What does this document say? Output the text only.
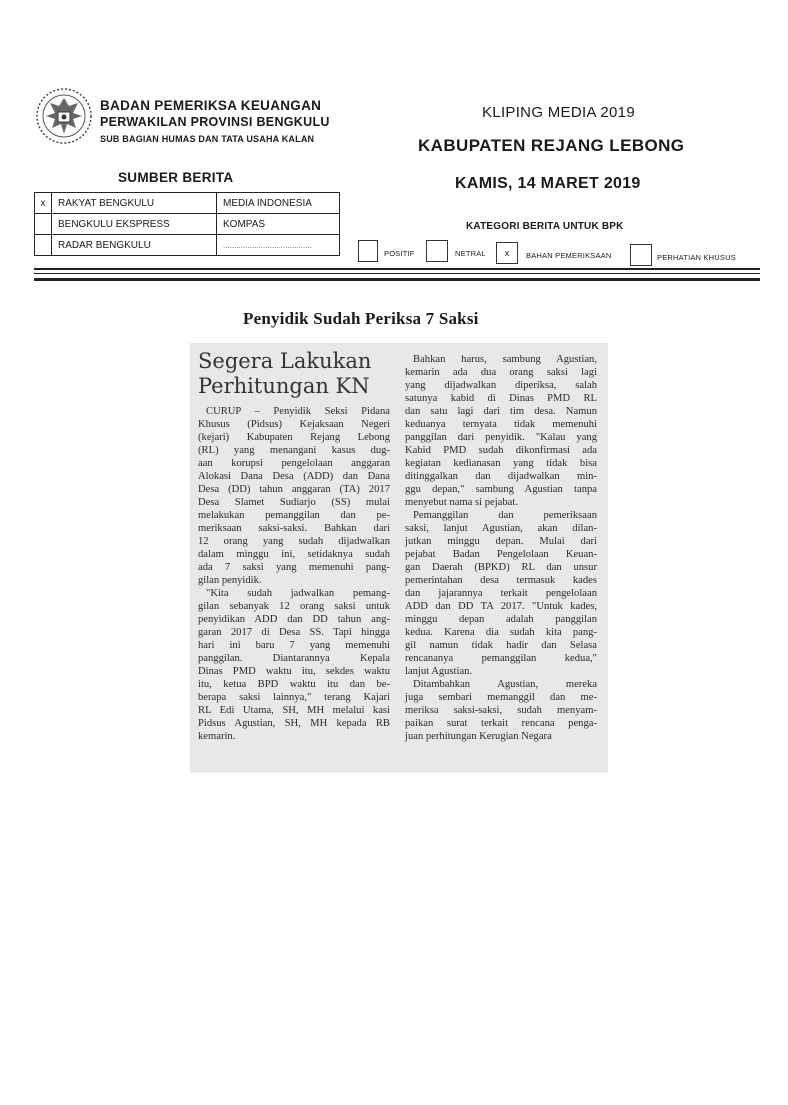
BADAN PEMERIKSA KEUANGAN
PERWAKILAN PROVINSI BENGKULU
SUB BAGIAN HUMAS DAN TATA USAHA KALAN
KLIPING MEDIA 2019
KABUPATEN REJANG LEBONG
KAMIS, 14 MARET 2019
SUMBER BERITA
x	RAKYAT BENGKULU	MEDIA INDONESIA
	BENGKULU EKSPRESS	KOMPAS
	RADAR BENGKULU	........................................
KATEGORI BERITA UNTUK BPK
POSITIF	NETRAL	x	BAHAN PEMERIKSAAN	PERHATIAN KHUSUS
Penyidik Sudah Periksa 7 Saksi
Segera Lakukan
Perhitungan KN
CURUP – Penyidik Seksi Pidana
Khusus (Pidsus) Kejaksaan Negeri
(kejari) Kabupaten Rejang Lebong
(RL) yang menangani kasus dug-
aan korupsi pengelolaan anggaran
Alokasi Dana Desa (ADD) dan Dana
Desa (DD) tahun anggaran (TA) 2017
Desa Slamet Sudiarjo (SS) mulai
melakukan pemanggilan dan pe-
meriksaan saksi-saksi. Bahkan dari
12 orang yang sudah dijadwalkan
dalam minggu ini, setidaknya sudah
ada 7 saksi yang memenuhi pang-
gilan penyidik.
"Kita sudah jadwalkan pemang-
gilan sebanyak 12 orang saksi untuk
penyidikan ADD dan DD tahun ang-
garan 2017 di Desa SS. Tapi hingga
hari ini baru 7 yang memenuhi
panggilan. Diantarannya Kepala
Dinas PMD waktu itu, sekdes waktu
itu, ketua BPD waktu itu dan be-
berapa saksi lainnya," terang Kajari
RL Edi Utama, SH, MH melalui kasi
Pidsus Agustian, SH, MH kepada RB
kemarin.
Bahkan harus, sambung Agustian,
kemarin ada dua orang saksi lagi
yang dijadwalkan diperiksa, salah
satunya kabid di Dinas PMD RL
dan satu lagi dari tim desa. Namun
keduanya ternyata tidak memenuhi
panggilan dari penyidik. "Kalau yang
Kabid PMD sudah dikonfirmasi ada
kegiatan kedianasan yang tidak bisa
ditinggalkan dan dijadwalkan min-
ggu depan," sambung Agustian tanpa
menyebut nama si pejabat.
Pemanggilan dan pemeriksaan
saksi, lanjut Agustian, akan dilan-
jutkan minggu depan. Mulai dari
pejabat Badan Pengelolaan Keuan-
gan Daerah (BPKD) RL dan unsur
pemerintahan desa termasuk kades
dan jajarannya terkait pengelolaan
ADD dan DD TA 2017. "Untuk kades,
minggu depan adalah panggilan
kedua. Karena dia sudah kita pang-
gil namun tidak hadir dan Selasa
rencananya pemanggilan kedua,"
lanjut Agustian.
Ditambahkan Agustian, mereka
juga sembari memanggil dan me-
meriksa saksi-saksi, sudah menyam-
paikan surat terkait rencana penga-
juan perhitungan Kerugian Negara
